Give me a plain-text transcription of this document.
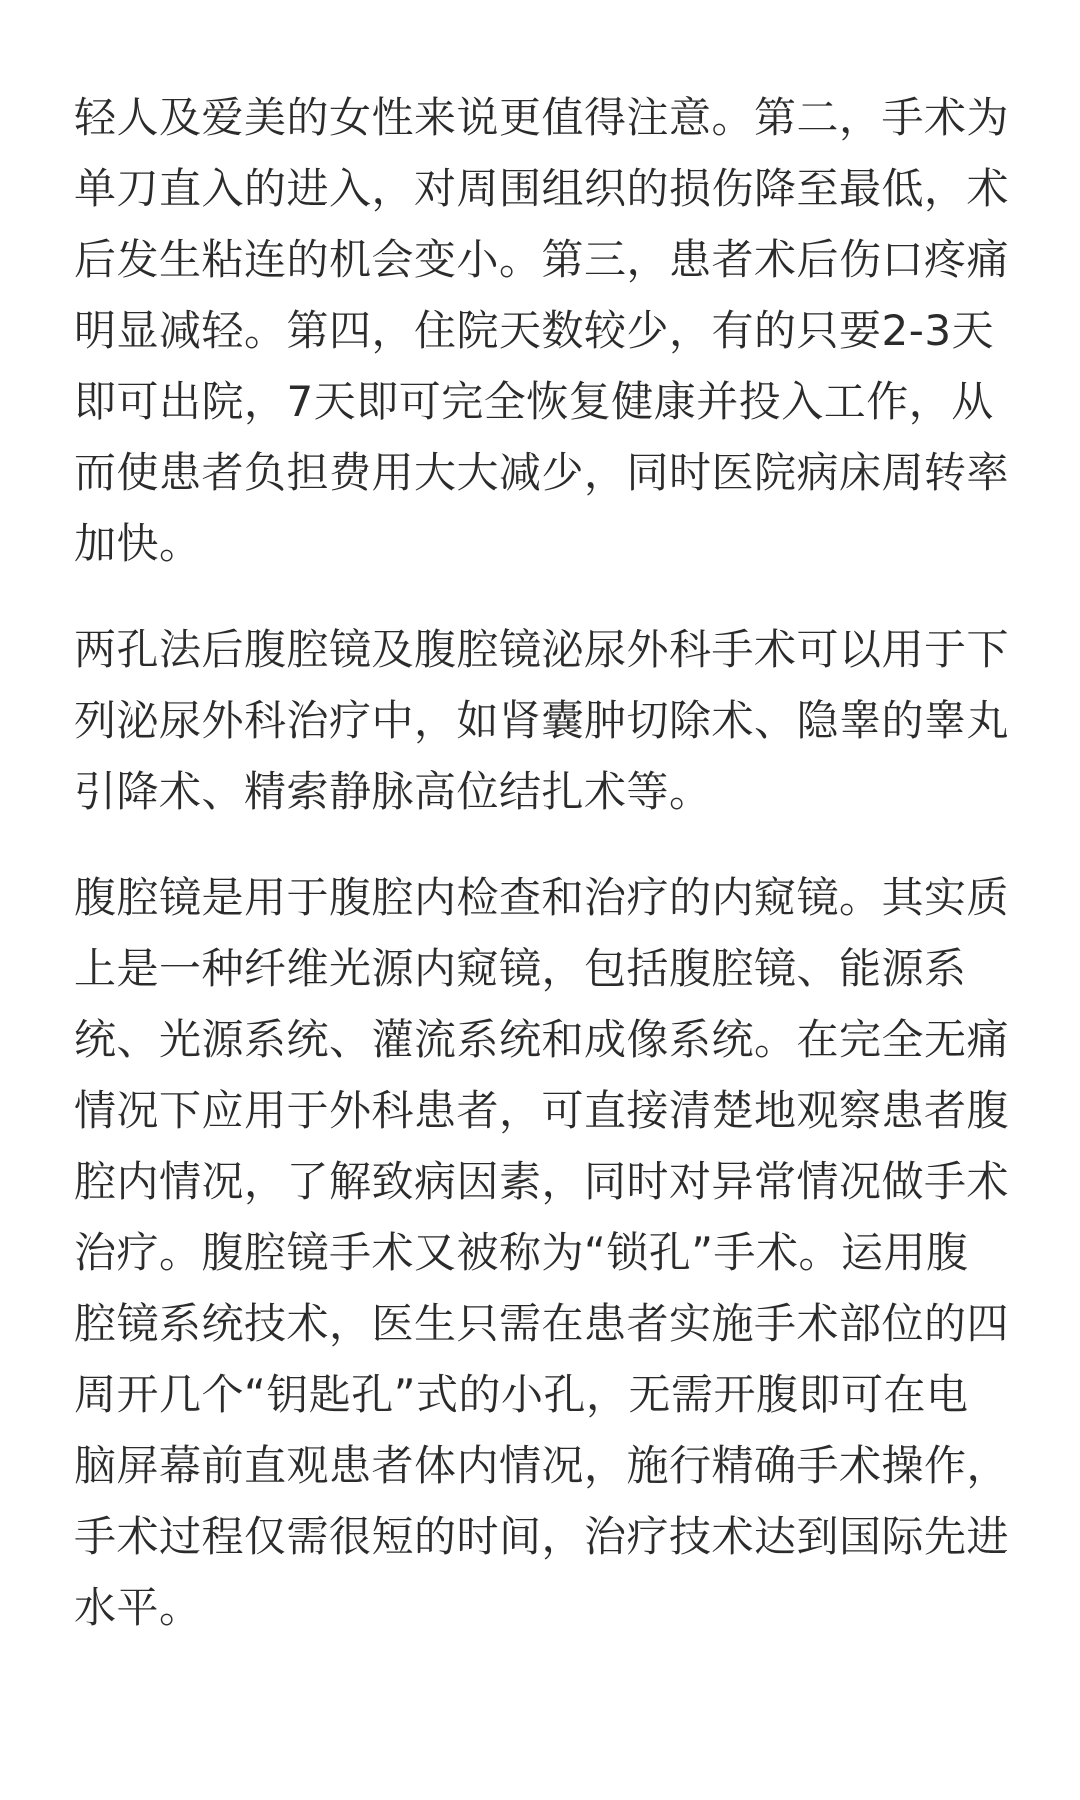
轻人及爱美的女性来说更值得注意。第二，手术为
单刀直入的进入，对周围组织的损伤降至最低，术
后发生粘连的机会变小。第三，患者术后伤口疼痛
明显减轻。第四，住院天数较少，有的只要2-3天
即可出院，7天即可完全恢复健康并投入工作，从
而使患者负担费用大大减少，同时医院病床周转率
加快。

两孔法后腹腔镜及腹腔镜泌尿外科手术可以用于下
列泌尿外科治疗中，如肾囊肿切除术、隐睾的睾丸
引降术、精索静脉高位结扎术等。

腹腔镜是用于腹腔内检查和治疗的内窥镜。其实质
上是一种纤维光源内窥镜，包括腹腔镜、能源系
统、光源系统、灌流系统和成像系统。在完全无痛
情况下应用于外科患者，可直接清楚地观察患者腹
腔内情况，了解致病因素，同时对异常情况做手术
治疗。腹腔镜手术又被称为“锁孔”手术。运用腹
腔镜系统技术，医生只需在患者实施手术部位的四
周开几个“钥匙孔”式的小孔，无需开腹即可在电
脑屏幕前直观患者体内情况，施行精确手术操作，
手术过程仅需很短的时间，治疗技术达到国际先进
水平。
